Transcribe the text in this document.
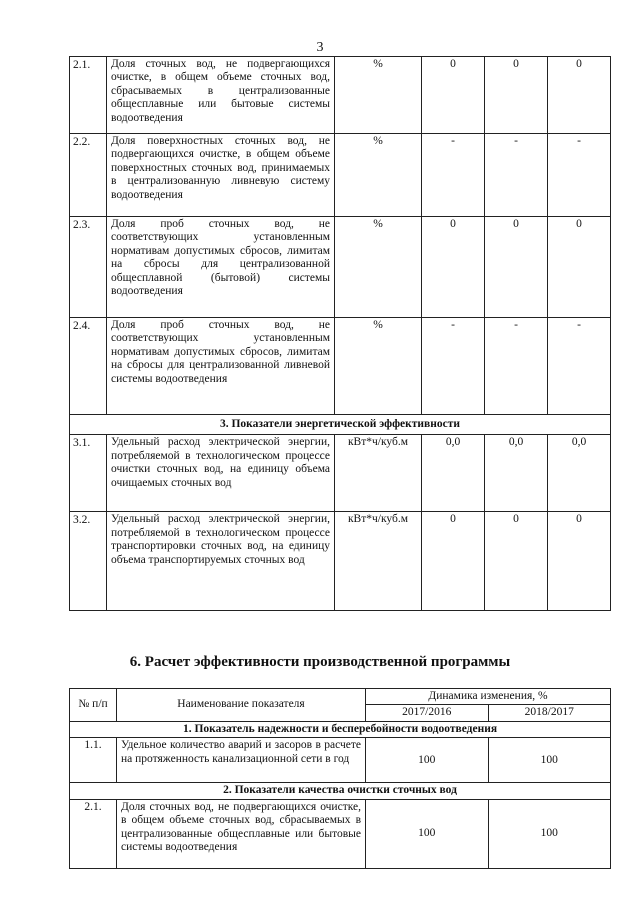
3
2.1.	Доля сточных вод, не подвергающихся очистке, в общем объеме сточных вод, сбрасываемых в централизованные общесплавные или бытовые системы водоотведения	%	0	0	0
2.2.	Доля поверхностных сточных вод, не подвергающихся очистке, в общем объеме поверхностных сточных вод, принимаемых в централизованную ливневую систему водоотведения	%	-	-	-
2.3.	Доля проб сточных вод, не соответствующих установленным нормативам допустимых сбросов, лимитам на сбросы для централизованной общесплавной (бытовой) системы водоотведения	%	0	0	0
2.4.	Доля проб сточных вод, не соответствующих установленным нормативам допустимых сбросов, лимитам на сбросы для централизованной ливневой системы водоотведения	%	-	-	-
3. Показатели энергетической эффективности					
3.1.	Удельный расход электрической энергии, потребляемой в технологическом процессе очистки сточных вод, на единицу объема очищаемых сточных вод	кВт*ч/куб.м	0,0	0,0	0,0
3.2.	Удельный расход электрической энергии, потребляемой в технологическом процессе транспортировки сточных вод, на единицу объема транспортируемых сточных вод	кВт*ч/куб.м	0	0	0
6. Расчет эффективности производственной программы
№ п/п	Наименование показателя	Динамика изменения, %	
		2017/2016	2018/2017
1. Показатель надежности и бесперебойности водоотведения			
1.1.	Удельное количество аварий и засоров в расчете на протяженность канализационной сети в год	100	100
2. Показатели качества очистки сточных вод			
2.1.	Доля сточных вод, не подвергающихся очистке, в общем объеме сточных вод, сбрасываемых в централизованные общесплавные или бытовые системы водоотведения	100	100
